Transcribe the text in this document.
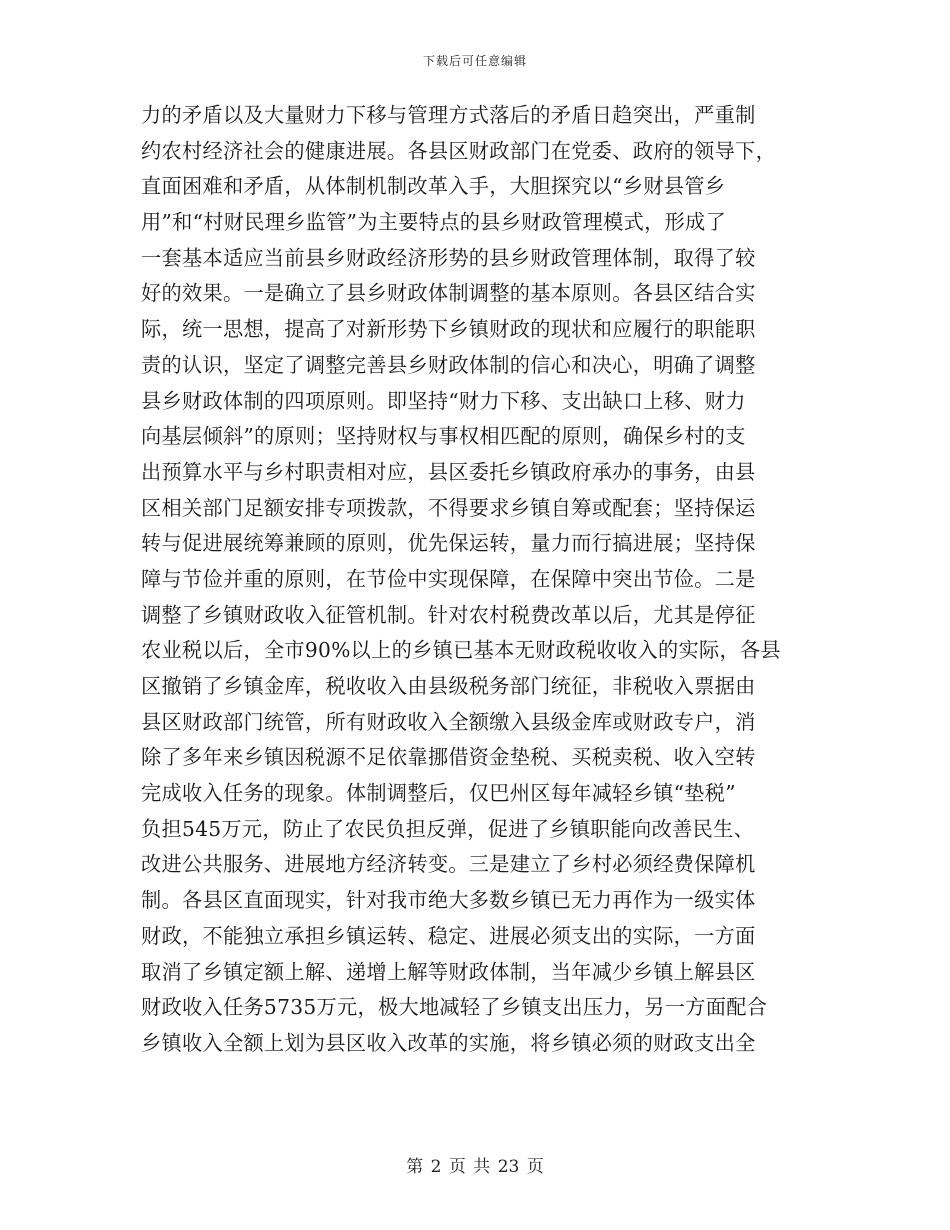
下载后可任意编辑
力的矛盾以及大量财力下移与管理方式落后的矛盾日趋突出，严重制
约农村经济社会的健康进展。各县区财政部门在党委、政府的领导下，
直面困难和矛盾，从体制机制改革入手，大胆探究以“乡财县管乡
用”和“村财民理乡监管”为主要特点的县乡财政管理模式，形成了
一套基本适应当前县乡财政经济形势的县乡财政管理体制，取得了较
好的效果。一是确立了县乡财政体制调整的基本原则。各县区结合实
际，统一思想，提高了对新形势下乡镇财政的现状和应履行的职能职
责的认识，坚定了调整完善县乡财政体制的信心和决心，明确了调整
县乡财政体制的四项原则。即坚持“财力下移、支出缺口上移、财力
向基层倾斜”的原则；坚持财权与事权相匹配的原则，确保乡村的支
出预算水平与乡村职责相对应，县区委托乡镇政府承办的事务，由县
区相关部门足额安排专项拨款，不得要求乡镇自筹或配套；坚持保运
转与促进展统筹兼顾的原则，优先保运转，量力而行搞进展；坚持保
障与节俭并重的原则，在节俭中实现保障，在保障中突出节俭。二是
调整了乡镇财政收入征管机制。针对农村税费改革以后，尤其是停征
农业税以后，全市90%以上的乡镇已基本无财政税收收入的实际，各县
区撤销了乡镇金库，税收收入由县级税务部门统征，非税收入票据由
县区财政部门统管，所有财政收入全额缴入县级金库或财政专户，消
除了多年来乡镇因税源不足依靠挪借资金垫税、买税卖税、收入空转
完成收入任务的现象。体制调整后，仅巴州区每年减轻乡镇“垫税”
负担545万元，防止了农民负担反弹，促进了乡镇职能向改善民生、
改进公共服务、进展地方经济转变。三是建立了乡村必须经费保障机
制。各县区直面现实，针对我市绝大多数乡镇已无力再作为一级实体
财政，不能独立承担乡镇运转、稳定、进展必须支出的实际，一方面
取消了乡镇定额上解、递增上解等财政体制，当年减少乡镇上解县区
财政收入任务5735万元，极大地减轻了乡镇支出压力，另一方面配合
乡镇收入全额上划为县区收入改革的实施，将乡镇必须的财政支出全
第 2 页 共 23 页
